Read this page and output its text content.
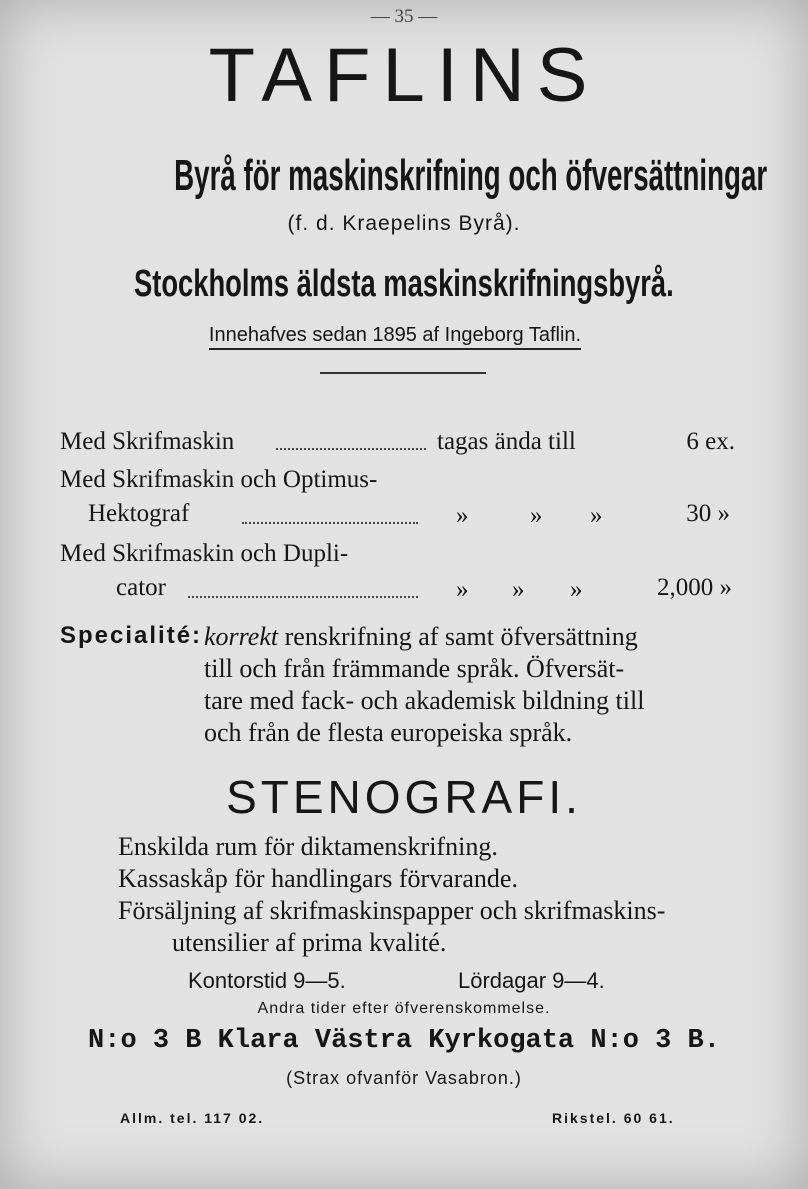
— 35 —
TAFLINS
Byrå för maskinskrifning och öfversättningar
(f. d. Kraepelins Byrå).
Stockholms äldsta maskinskrifningsbyrå.
Innehafves sedan 1895 af Ingeborg Taflin.
Med Skrifmaskin	tagas ända till	6 ex.
Med Skrifmaskin och Optimus-
Hektograf	» » »	30 »
Med Skrifmaskin och Dupli-
cator	» » »	2,000 »
Specialité: korrekt renskrifning af samt öfversättning
till och från främmande språk. Öfversät-
tare med fack- och akademisk bildning till
och från de flesta europeiska språk.
STENOGRAFI.
Enskilda rum för diktamenskrifning.
Kassaskåp för handlingars förvarande.
Försäljning af skrifmaskinspapper och skrifmaskins-
utensilier af prima kvalité.
Kontorstid 9—5.	Lördagar 9—4.
Andra tider efter öfverenskommelse.
N:o 3 B Klara Västra Kyrkogata N:o 3 B.
(Strax ofvanför Vasabron.)
Allm. tel. 117 02.	Rikstel. 60 61.
